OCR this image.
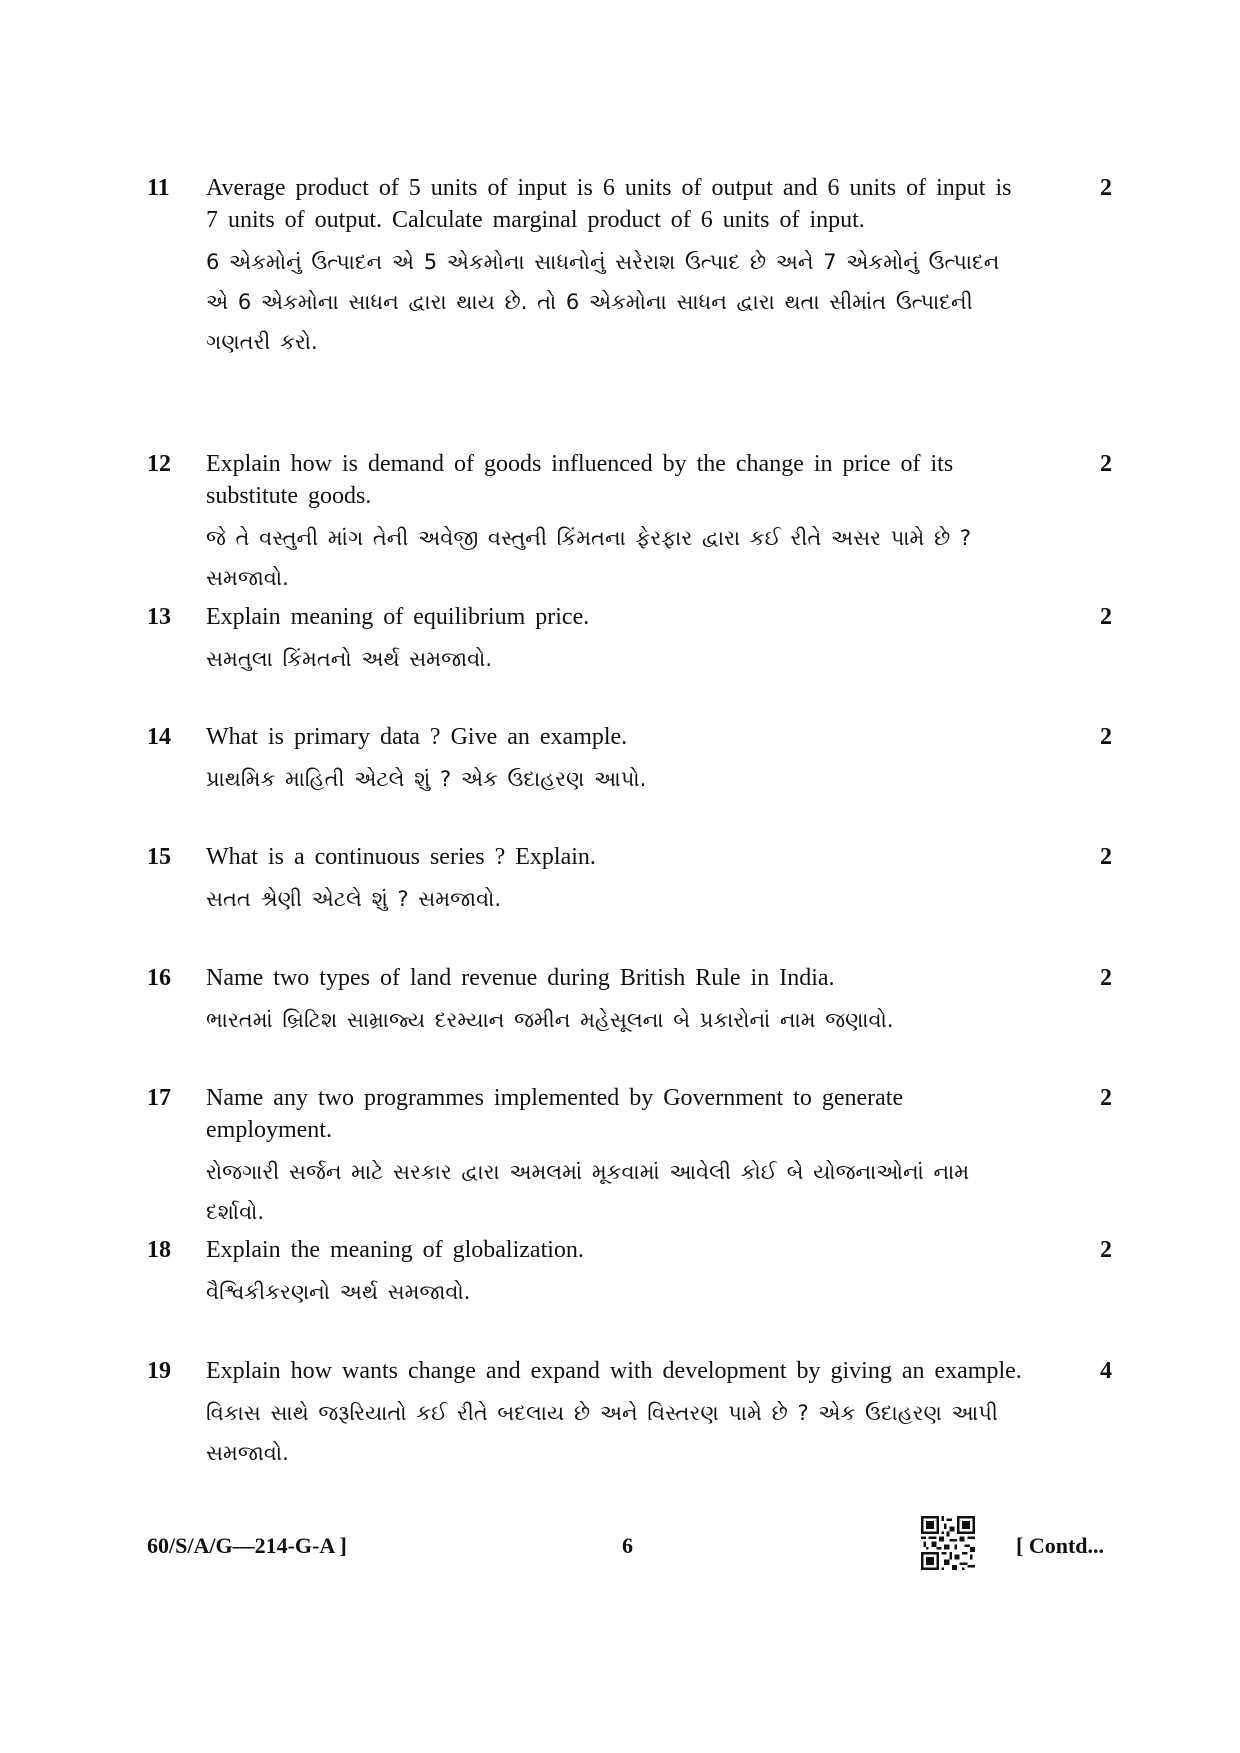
11 Average product of 5 units of input is 6 units of output and 6 units of input is 7 units of output. Calculate marginal product of 6 units of input.

6 એકમોનું ઉત્પાદન એ 5 એકમોના સાધનોનું સરેરાશ ઉત્પાદ છે અને 7 એકમોનું ઉત્પાદન એ 6 એકમોના સાધન દ્વારા થાય છે. તો 6 એકમોના સાધન દ્વારા થતા સીમાંત ઉત્પાદની ગણતરી કરો.

2
12 Explain how is demand of goods influenced by the change in price of its substitute goods.

જે તે વસ્તુની માંગ તેની અવેજી વસ્તુની કિંમતના ફેરફાર દ્વારા કઈ રીતે અસર પામે છે ? સમજાવો.

2
13 Explain meaning of equilibrium price.

સમતુલા કિંમતનો અર્થ સમજાવો.

2
14 What is primary data ? Give an example.

પ્રાથમિક માહિતી એટલે શું ? એક ઉદાહરણ આપો.

2
15 What is a continuous series ? Explain.

સતત શ્રેણી એટલે શું ? સમજાવો.

2
16 Name two types of land revenue during British Rule in India.

ભારતમાં બ્રિટિશ સામ્રાજ્ય દરમ્યાન જમીન મહેસૂલના બે પ્રકારોનાં નામ જણાવો.

2
17 Name any two programmes implemented by Government to generate employment.

રોજગારી સર્જન માટે સરકાર દ્વારા અમલમાં મૂકવામાં આવેલી કોઈ બે યોજનાઓનાં નામ દર્શાવો.

2
18 Explain the meaning of globalization.

વૈશ્વિકીકરણનો અર્થ સમજાવો.

2
19 Explain how wants change and expand with development by giving an example.

વિકાસ સાથે જરૂરિયાતો કઈ રીતે બદલાય છે અને વિસ્તરણ પામે છે ? એક ઉદાહરણ આપી સમજાવો.

4
60/S/A/G—214-G-A ]	6	[ Contd...
